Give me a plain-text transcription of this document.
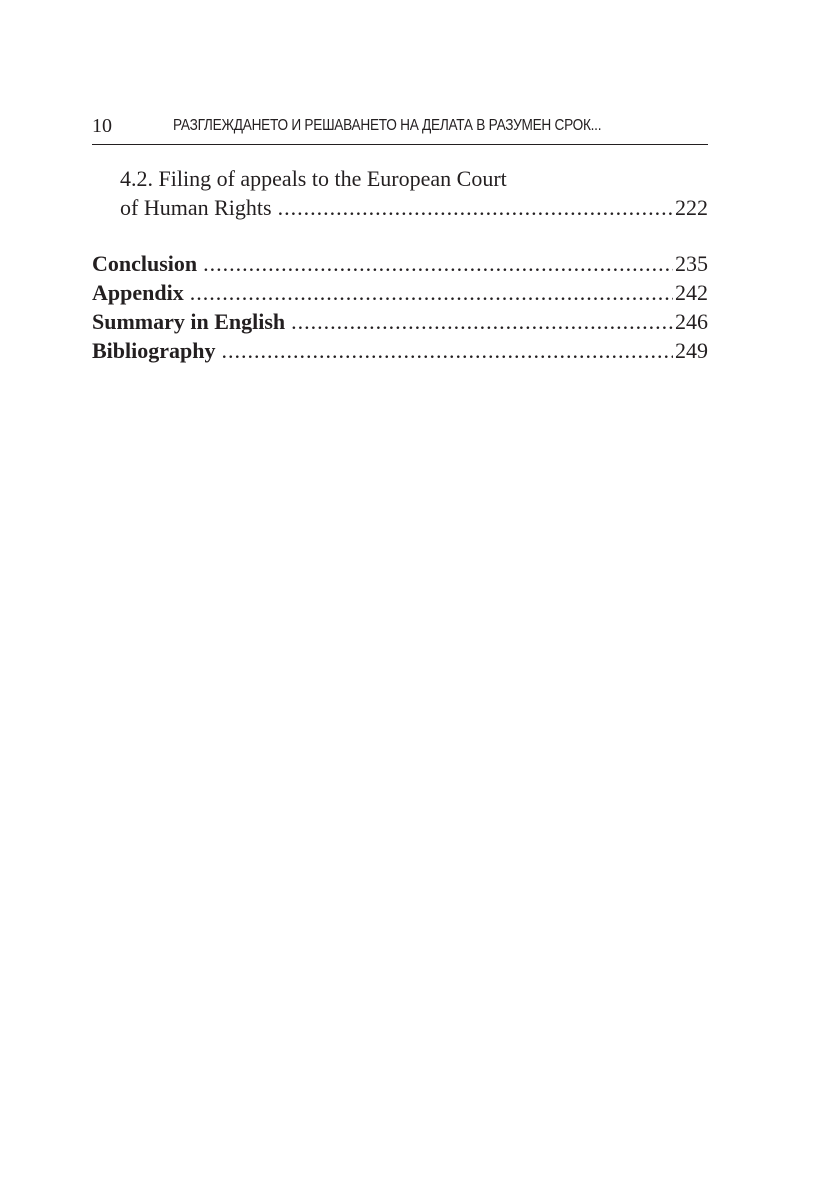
10	РАЗГЛЕЖДАНЕТО И РЕШАВАНЕТО НА ДЕЛАТА В РАЗУМЕН СРОК...
4.2. Filing of appeals to the European Court
of Human Rights .....	222
Conclusion .....	235
Appendix .....	242
Summary in English .....	246
Bibliography .....	249
